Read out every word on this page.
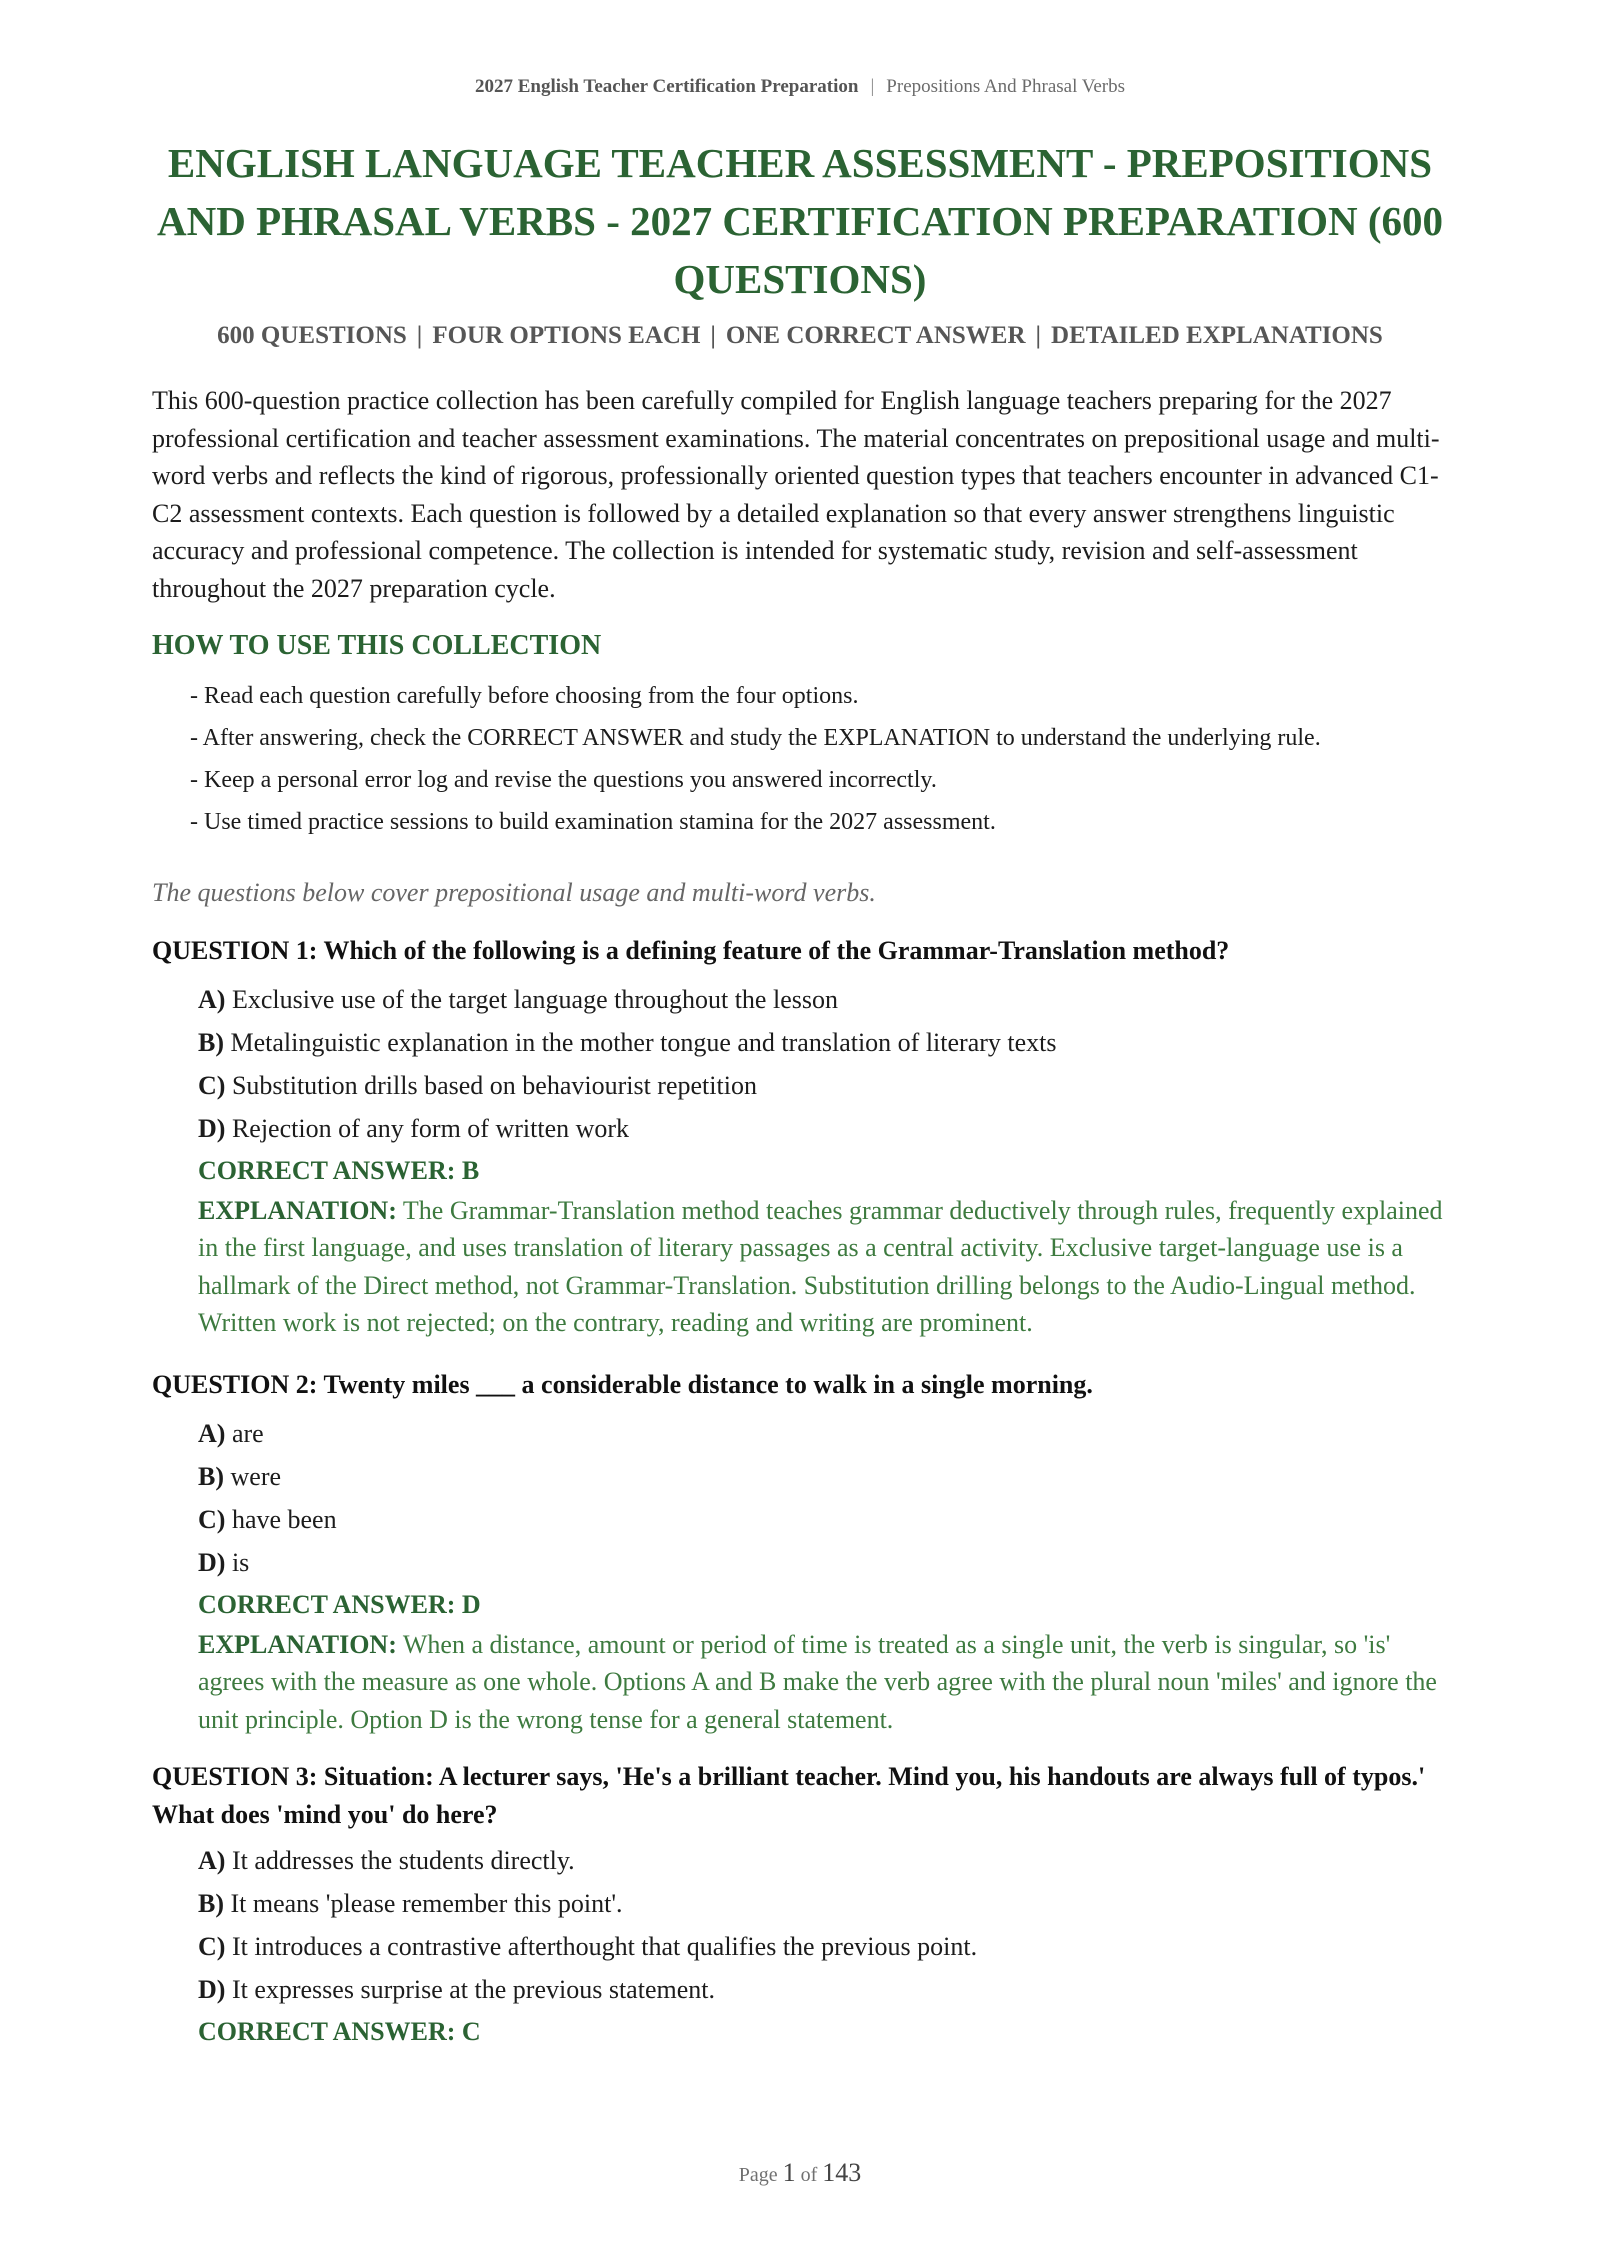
2027 English Teacher Certification Preparation | Prepositions And Phrasal Verbs
ENGLISH LANGUAGE TEACHER ASSESSMENT - PREPOSITIONS AND PHRASAL VERBS - 2027 CERTIFICATION PREPARATION (600 QUESTIONS)
600 QUESTIONS | FOUR OPTIONS EACH | ONE CORRECT ANSWER | DETAILED EXPLANATIONS

This 600-question practice collection has been carefully compiled for English language teachers preparing for the 2027 professional certification and teacher assessment examinations. The material concentrates on prepositional usage and multi-word verbs and reflects the kind of rigorous, professionally oriented question types that teachers encounter in advanced C1-C2 assessment contexts. Each question is followed by a detailed explanation so that every answer strengthens linguistic accuracy and professional competence. The collection is intended for systematic study, revision and self-assessment throughout the 2027 preparation cycle.

HOW TO USE THIS COLLECTION
- Read each question carefully before choosing from the four options.
- After answering, check the CORRECT ANSWER and study the EXPLANATION to understand the underlying rule.
- Keep a personal error log and revise the questions you answered incorrectly.
- Use timed practice sessions to build examination stamina for the 2027 assessment.

The questions below cover prepositional usage and multi-word verbs.

QUESTION 1: Which of the following is a defining feature of the Grammar-Translation method?

A) Exclusive use of the target language throughout the lesson
B) Metalinguistic explanation in the mother tongue and translation of literary texts
C) Substitution drills based on behaviourist repetition
D) Rejection of any form of written work

CORRECT ANSWER: B

EXPLANATION: The Grammar-Translation method teaches grammar deductively through rules, frequently explained in the first language, and uses translation of literary passages as a central activity. Exclusive target-language use is a hallmark of the Direct method, not Grammar-Translation. Substitution drilling belongs to the Audio-Lingual method. Written work is not rejected; on the contrary, reading and writing are prominent.

QUESTION 2: Twenty miles ___ a considerable distance to walk in a single morning.

A) are
B) were
C) have been
D) is

CORRECT ANSWER: D

EXPLANATION: When a distance, amount or period of time is treated as a single unit, the verb is singular, so 'is' agrees with the measure as one whole. Options A and B make the verb agree with the plural noun 'miles' and ignore the unit principle. Option D is the wrong tense for a general statement.

QUESTION 3: Situation: A lecturer says, 'He's a brilliant teacher. Mind you, his handouts are always full of typos.' What does 'mind you' do here?

A) It addresses the students directly.
B) It means 'please remember this point'.
C) It introduces a contrastive afterthought that qualifies the previous point.
D) It expresses surprise at the previous statement.

CORRECT ANSWER: C

Page 1 of 143
